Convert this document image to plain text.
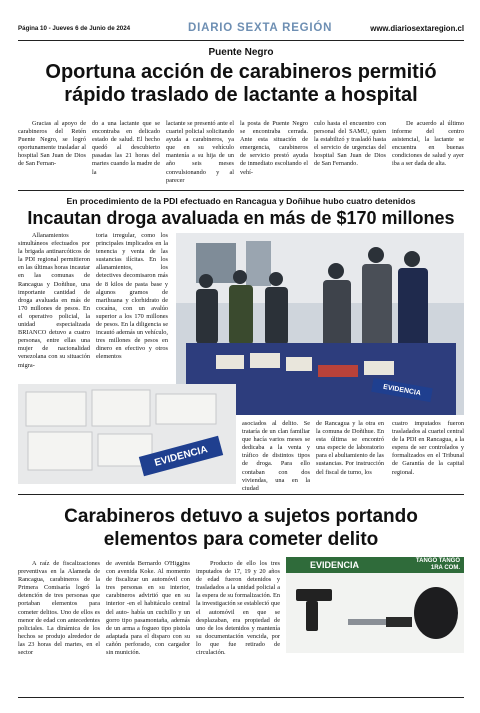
Página 10 - Jueves 6 de Junio de 2024	DIARIO SEXTA REGIÓN	www.diariosextaregion.cl
Puente Negro
Oportuna acción de carabineros permitió
rápido traslado de lactante a hospital
Gracias al apoyo de carabineros del Retén Puente Negro, se logró oportunamente trasladar al hospital San Juan de Dios de San Fernan-
do a una lactante que se encontraba en delicado estado de salud. El hecho quedó al descubierto pasadas las 21 horas del martes cuando la madre de la
lactante se presentó ante el cuartel policial solicitando ayuda a carabineros, ya que en su vehículo mantenía a su hija de un año seis meses convulsionando y al parecer
la posta de Puente Negro se encontraba cerrada. Ante esta situación de emergencia, carabineros de servicio prestó ayuda de inmediato escoltando el vehí-
culo hasta el encuentro con personal del SAMU, quien la estabilizó y trasladó hasta el servicio de urgencias del hospital San Juan de Dios de San Fernando.
De acuerdo al último informe del centro asistencial, la lactante se encuentra en buenas condiciones de salud y ayer iba a ser dada de alta.
En procedimiento de la PDI efectuado en Rancagua y Doñihue hubo cuatro detenidos
Incautan droga avaluada en más de $170 millones
Allanamientos simultáneos efectuados por la brigada antinarcóticos de la PDI regional permitieron en las últimas horas incautar en las comunas de Rancagua y Doñihue, una importante cantidad de droga avaluada en más de 170 millones de pesos. En el operativo policial, la unidad especializada BRIANCO detuvo a cuatro personas, entre ellas una mujer de nacionalidad venezolana con su situación migra-
toria irregular, como los principales implicados en la tenencia y venta de las sustancias ilícitas. En los allanamientos, los detectives decomisaron más de 8 kilos de pasta base y algunos gramos de marihuana y clorhidrato de cocaína, con un avalúo superior a los 170 millones de pesos. En la diligencia se incautó además un vehículo, tres millones de pesos en dinero en efectivo y otros elementos
EVIDENCIA
EVIDENCIA
asociados al delito. Se trataría de un clan familiar que hacía varios meses se dedicaba a la venta y tráfico de distintos tipos de droga. Para ello contaban con dos viviendas, una en la ciudad
de Rancagua y la otra en la comuna de Doñihue. En esta última se encontró una especie de laboratorio para el abultamiento de las sustancias. Por instrucción del fiscal de turno, los
cuatro imputados fueron trasladados al cuartel central de la PDI en Rancagua, a la espera de ser controlados y formalizados en el Tribunal de Garantía de la capital regional.
Carabineros detuvo a sujetos portando
elementos para cometer delito
A raíz de fiscalizaciones preventivas en la Alameda de Rancagua, carabineros de la Primera Comisaría logró la detención de tres personas que portaban elementos para cometer delitos. Uno de ellos es menor de edad con antecedentes policiales. La dinámica de los hechos se produjo alrededor de las 23 horas del martes, en el sector
de avenida Bernardo O'Higgins con avenida Koke. Al momento de fiscalizar un automóvil con tres personas en su interior, carabineros advirtió que en su interior -en el habitáculo central del auto- había un cuchillo y un gorro tipo pasamontaña, además de un arma a fogueo tipo pistola adaptada para el disparo con su cañón perforado, con cargador sin munición.
Producto de ello los tres imputados de 17, 19 y 20 años de edad fueron detenidos y trasladados a la unidad policial a la espera de su formalización. En la investigación se estableció que el automóvil en que se desplazaban, era propiedad de uno de los detenidos y mantenía su documentación vencida, por lo que fue retirado de circulación.
EVIDENCIA	TANGO TANGO 1RA COM.
